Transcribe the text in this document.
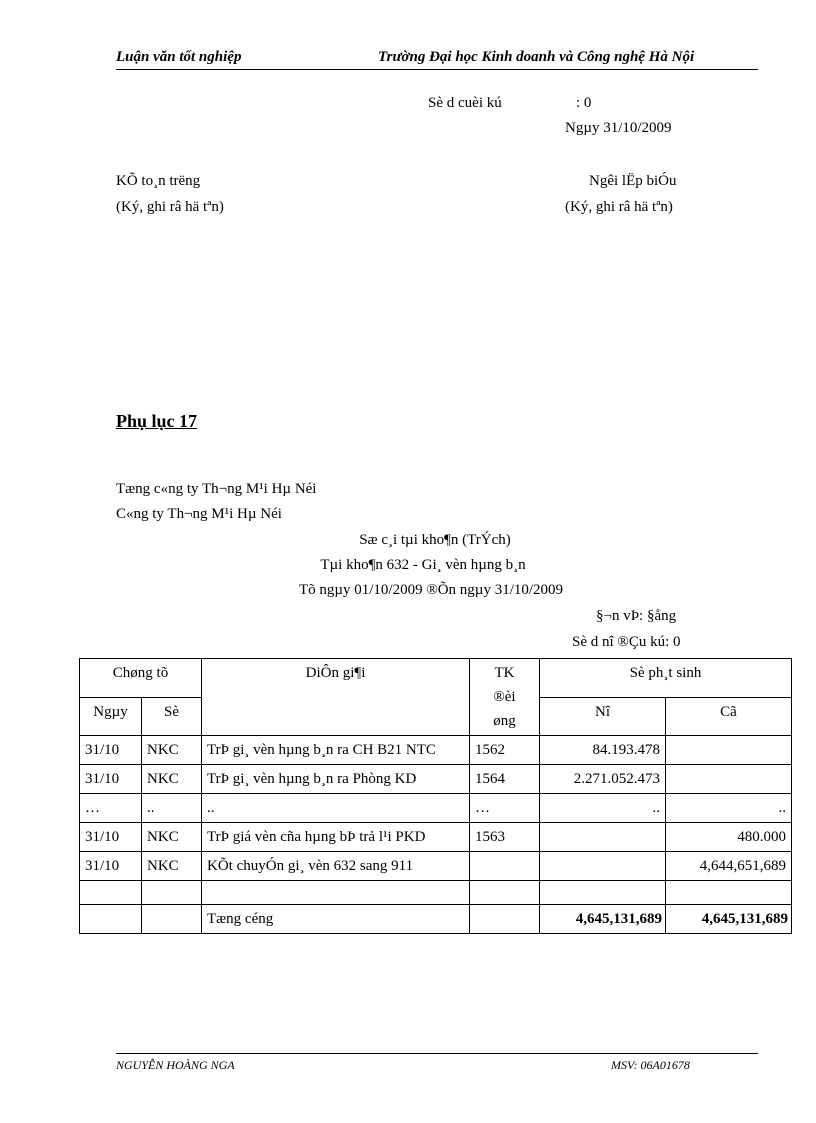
Luận văn tốt nghiệp	Trường Đại học Kinh doanh và Công nghệ Hà Nội
Sè d cuèi kú	: 0
Ngµy 31/10/2009
KÕ to¸n trëng
(Ký, ghi râ hä tªn)
Ngêi lËp biÓu
(Ký, ghi râ hä tªn)
Phụ lục 17
Tæng c«ng ty Th¬ng M¹i Hµ Néi
C«ng ty Th¬ng M¹i Hµ Néi
Sæ c¸i tµi kho¶n (TrÝch)
Tµi kho¶n 632 - Gi¸ vèn hµng b¸n
Tõ ngµy 01/10/2009 ®Õn ngµy 31/10/2009
§¬n vÞ: §ång
Sè d nî ®Çu kú: 0
Chøng tõ		DiÔn gi¶i	TK ®èi øng	Sè ph¸t sinh	
Ngµy	Sè			Nî	Cã
31/10	NKC	TrÞ gi¸ vèn hµng b¸n ra CH B21 NTC	1562	84.193.478	
31/10	NKC	TrÞ gi¸ vèn hµng b¸n ra Phòng KD	1564	2.271.052.473	
…	..	..	…	..	..
31/10	NKC	TrÞ giá vèn cña hµng bÞ trả l¹i PKD	1563		480.000
31/10	NKC	KÕt chuyÓn gi¸ vèn 632 sang 911			4,644,651,689

		Tæng céng		4,645,131,689	4,645,131,689
NGUYỄN HOÀNG NGA	MSV: 06A01678
